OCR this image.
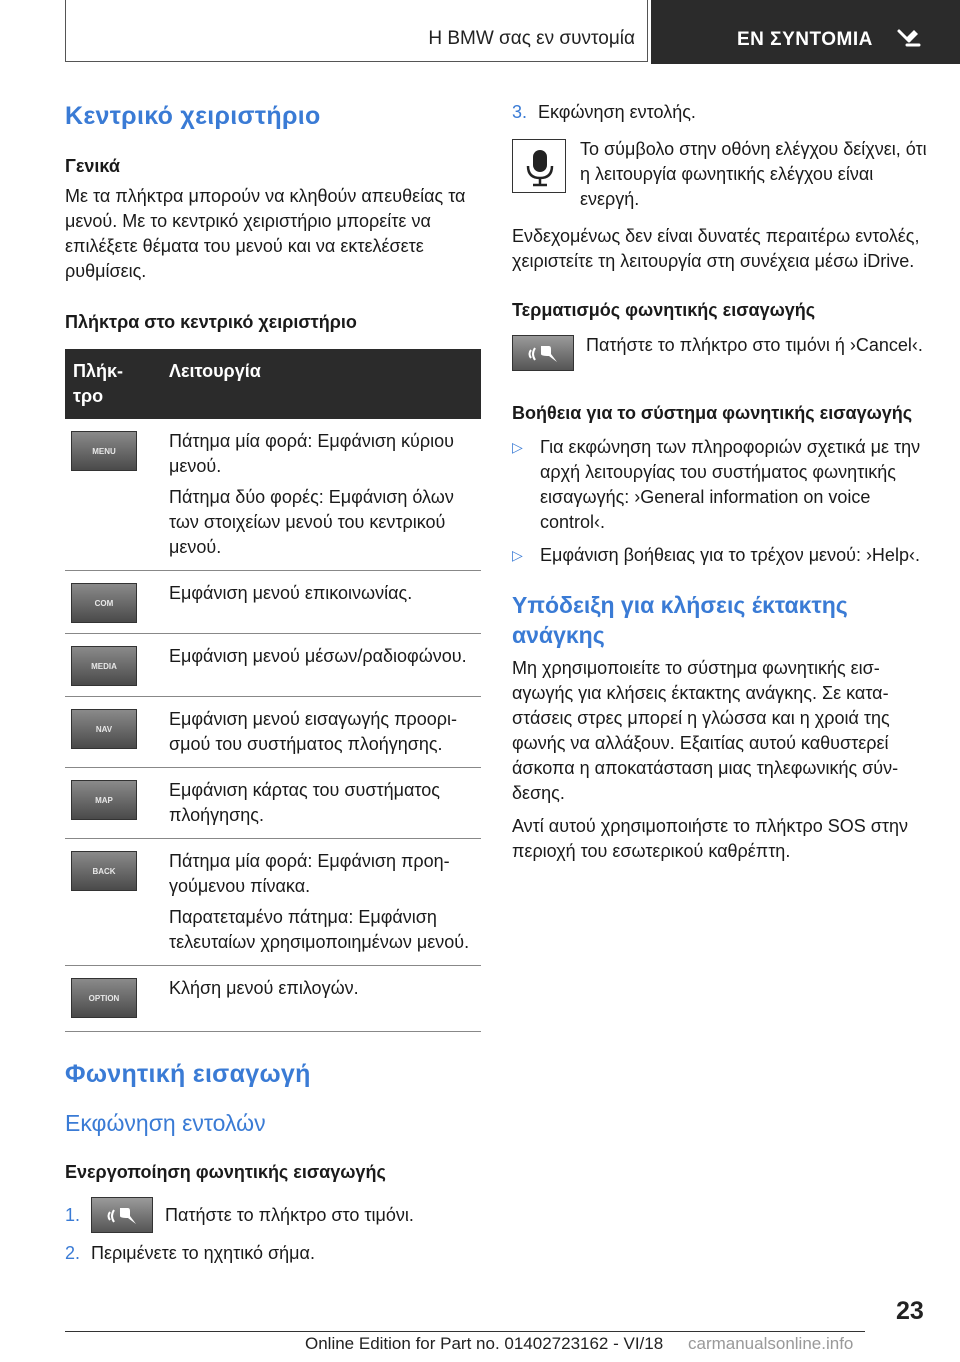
Η BMW σας εν συντομία	ΕΝ ΣΥΝΤΟΜΙΑ

Κεντρικό χειριστήριο

Γενικά

Με τα πλήκτρα μπορούν να κληθούν απευθείας τα μενού. Με το κεντρικό χειριστήριο μπορείτε να επιλέξετε θέματα του μενού και να εκτελέσετε ρυθμίσεις.

Πλήκτρα στο κεντρικό χειριστήριο

Πλήκ-
τρο	Λειτουργία

MENU	Πάτημα μία φορά: Εμφάνιση κύριου μενού.
Πάτημα δύο φορές: Εμφάνιση όλων των στοιχείων μενού του κεντρικού μενού.

COM	Εμφάνιση μενού επικοινωνίας.

MEDIA	Εμφάνιση μενού μέσων/ραδιοφώνου.

NAV	Εμφάνιση μενού εισαγωγής προορισμού του συστήματος πλοήγησης.

MAP	Εμφάνιση κάρτας του συστήματος πλοήγησης.

BACK	Πάτημα μία φορά: Εμφάνιση προηγούμενου πίνακα.
Παρατεταμένο πάτημα: Εμφάνιση τελευταίων χρησιμοποιημένων μενού.

OPTION	Κλήση μενού επιλογών.

Φωνητική εισαγωγή

Εκφώνηση εντολών

Ενεργοποίηση φωνητικής εισαγωγής

1.	Πατήστε το πλήκτρο στο τιμόνι.
2. Περιμένετε το ηχητικό σήμα.
3. Εκφώνηση εντολής.

Το σύμβολο στην οθόνη ελέγχου δείχνει, ότι η λειτουργία φωνητικής ελέγχου είναι ενεργή.

Ενδεχομένως δεν είναι δυνατές περαιτέρω εντολές, χειριστείτε τη λειτουργία στη συνέχεια μέσω iDrive.

Τερματισμός φωνητικής εισαγωγής

Πατήστε το πλήκτρο στο τιμόνι ή ›Cancel‹.

Βοήθεια για το σύστημα φωνητικής εισαγωγής

▷ Για εκφώνηση των πληροφοριών σχετικά με την αρχή λειτουργίας του συστήματος φωνητικής εισαγωγής: ›General information on voice control‹.
▷ Εμφάνιση βοήθειας για το τρέχον μενού: ›Help‹.

Υπόδειξη για κλήσεις έκτακτης ανάγκης

Μη χρησιμοποιείτε το σύστημα φωνητικής εισαγωγής για κλήσεις έκτακτης ανάγκης. Σε καταστάσεις στρες μπορεί η γλώσσα και η χροιά της φωνής να αλλάξουν. Εξαιτίας αυτού καθυστερεί άσκοπα η αποκατάσταση μιας τηλεφωνικής σύνδεσης.

Αντί αυτού χρησιμοποιήστε το πλήκτρο SOS στην περιοχή του εσωτερικού καθρέπτη.

23
Online Edition for Part no. 01402723162 - VI/18 carmanualsonline.info
